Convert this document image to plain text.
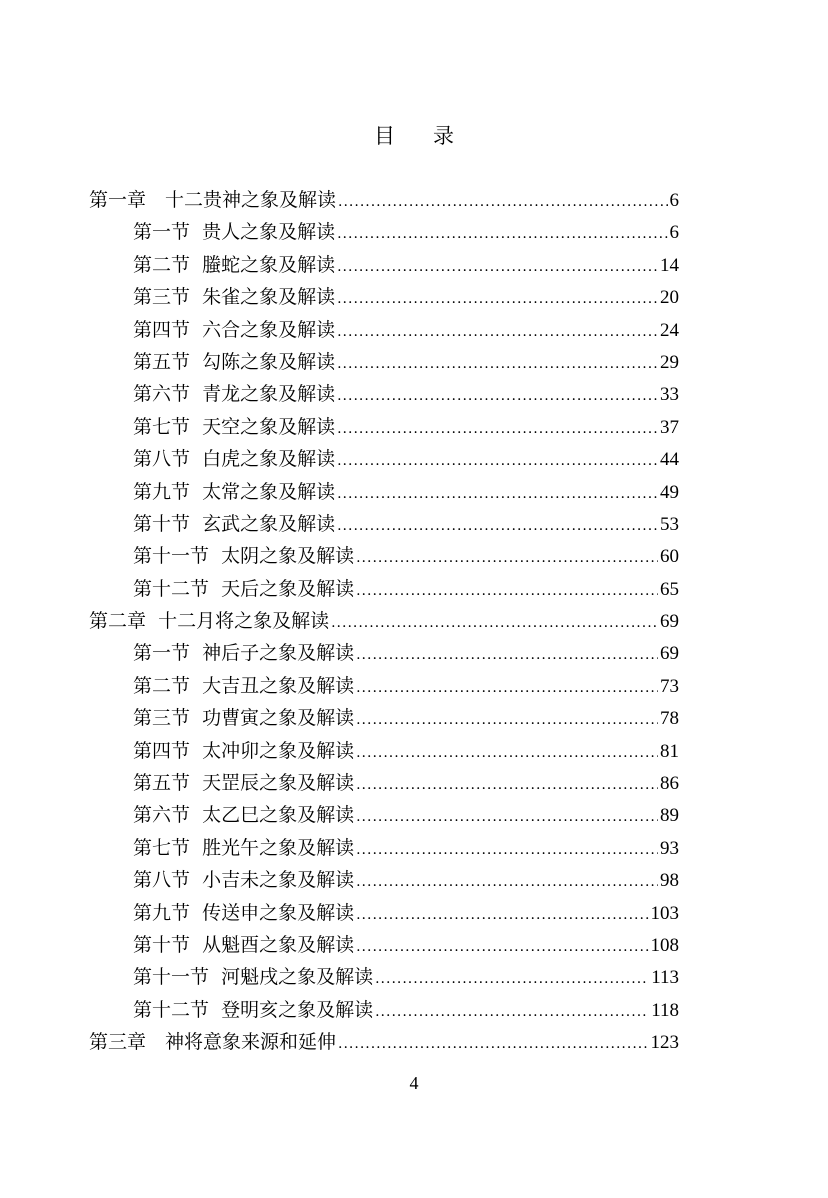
目 录
第一章　十二贵神之象及解读 .....	6
第一节  贵人之象及解读 .....	6
第二节  螣蛇之象及解读 .....	14
第三节  朱雀之象及解读 .....	20
第四节  六合之象及解读 .....	24
第五节  勾陈之象及解读 .....	29
第六节  青龙之象及解读 .....	33
第七节  天空之象及解读 .....	37
第八节  白虎之象及解读 .....	44
第九节  太常之象及解读 .....	49
第十节  玄武之象及解读 .....	53
第十一节  太阴之象及解读 .....	60
第十二节  天后之象及解读 .....	65
第二章  十二月将之象及解读 .....	69
第一节  神后子之象及解读 .....	69
第二节  大吉丑之象及解读 .....	73
第三节  功曹寅之象及解读 .....	78
第四节  太冲卯之象及解读 .....	81
第五节  天罡辰之象及解读 .....	86
第六节  太乙巳之象及解读 .....	89
第七节  胜光午之象及解读 .....	93
第八节  小吉未之象及解读 .....	98
第九节  传送申之象及解读 .....	103
第十节  从魁酉之象及解读 .....	108
第十一节  河魁戌之象及解读 .....	113
第十二节  登明亥之象及解读 .....	118
第三章　神将意象来源和延伸 .....	123
4
